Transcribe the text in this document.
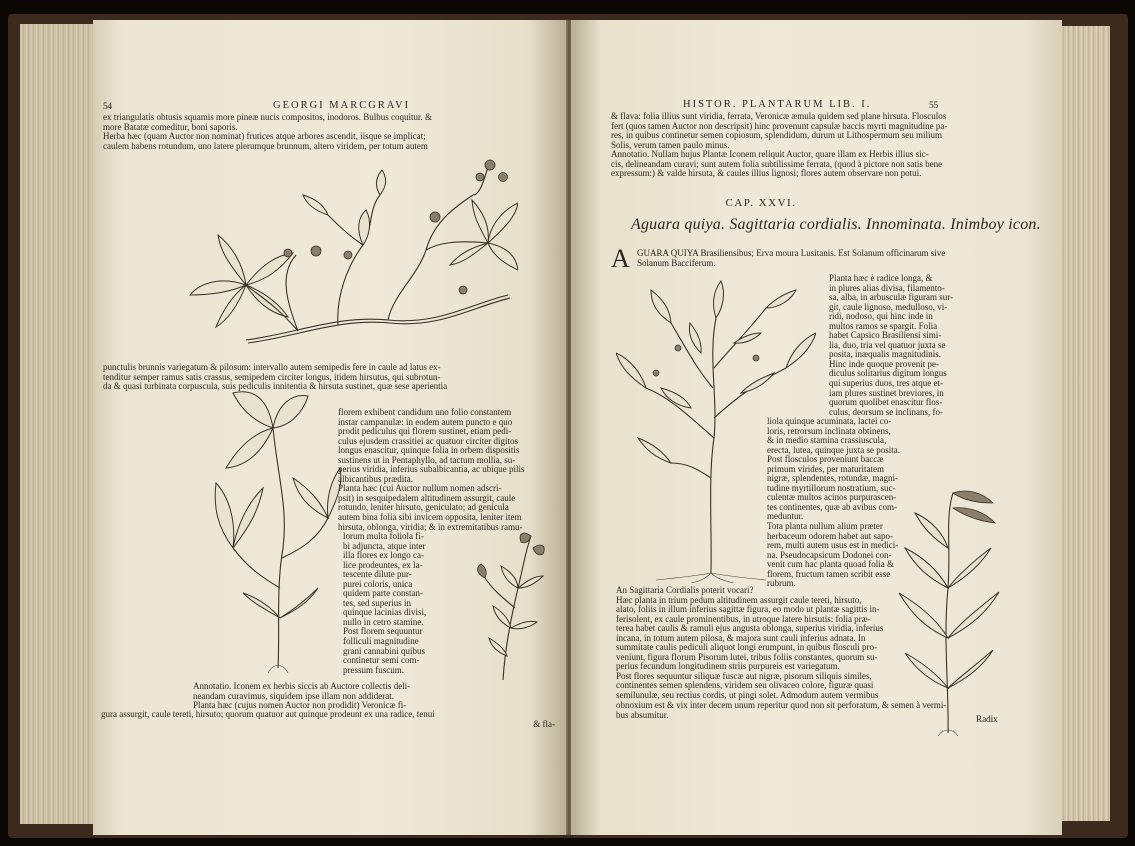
54	GEORGI MARCGRAVI

ex triangulatis obtusis squamis more pineæ nucis compositos, inodoros. Bulbus coquitur. &

more Batatæ comeditur, boni saporis.

Herba hæc (quam Auctor non nominat) frutices atque arbores ascendit, iisque se implicat;

caulem habens rotundum, uno latere plerumque brunnum, altero viridem, per totum autem

punctulis brunnis variegatum & pilosum: intervallo autem semipedis fere in caule ad latus ex-

tenditur semper ramus satis crassus, semipedem circiter longus, itidem hirsutus, qui subrotun-

da & quasi turbinata corpuscula, suis pediculis innitentia & hirsuta sustinet, quæ sese aperientia

florem exhibent candidum uno folio constantem

instar campanulæ: in eodem autem puncto e quo

prodit pediculus qui florem sustinet, etiam pedi-

culus ejusdem crassitiei ac quatuor circiter digitos

longus enascitur, quinque folia in orbem dispositis

sustinens ut in Pentaphyllo, ad tactum mollia, su-

perius viridia, inferius subalbicantia, ac ubique pilis

albicantibus prædita.

Planta hæc (cui Auctor nullum nomen adscri-

psit) in sesquipedalem altitudinem assurgit, caule

rotundo, leniter hirsuto, geniculato; ad genicula

autem bina folia sibi invicem opposita, leniter item

hirsuta, oblonga, viridia; & in extremitatibus ramu-

lorum multa foliola fi-

bi adjuncta, atque inter

illa flores ex longo ca-

lice prodeuntes, ex la-

tescente dilute pur-

purei coloris, unica

quidem parte constan-

tes, sed superius in

quinque lacinias divisi,

nullo in cetro stamine.

Post florem sequuntur

folliculi magnitudine

grani cannabini quibus

continetur semi com-

pressum fuscum.

Annotatio. Iconem ex herbis siccis ab Auctore collectis deli-

neandam curavimus, siquidem ipse illam non addiderat.

Planta hæc (cujus nomen Auctor non prodidit) Veronicæ fi-

gura assurgit, caule tereti, hirsuto; quorum quatuor aut quinque prodeunt ex una radice, tenui

& fla-

HISTOR. PLANTARUM LIB. I.	55

& flava: folia illius sunt viridia, ferrata, Veronicæ æmula quidem sed plane hirsuta. Flosculos

fert (quos tamen Auctor non descripsit) hinc provenunt capsulæ baccis myrti magnitudine pa-

res, in quibus continetur semen copiosum, splendidum, durum ut Lithospermum seu milium

Solis, verum tamen paulo minus.

Annotatio. Nullam hujus Plantæ Iconem reliquit Auctor, quare illam ex Herbis illius sic-

cis, delineandam curavi; sunt autem folia subtilissime ferrata, (quod à pictore non satis bene

expressum:) & valde hirsuta, & caules illius lignosi; flores autem observare non potui.

CAP. XXVI.
Aguara quiya. Sagittaria cordialis. Innominata. Inimboy icon.
A GUARA QUIYA Brasiliensibus; Erva moura Lusitanis. Est Solanum officinarum sive

Solanum Bacciferum.

Planta hæc è radice longa, &

in plures alias divisa, filamento-

sa, alba, in arbusculæ figuram sur-

git, caule lignoso, medulloso, vi-

ridi, nodoso, qui hinc inde in

multos ramos se spargit. Folia

habet Capsico Brasiliensi simi-

lia, duo, tria vel quatuor juxta se

posita, inæqualis magnitudinis.

Hinc inde quoque provenit pe-

diculus solitarius digitum longus

qui superius duos, tres atque et-

iam plures sustinet breviores, in

quorum quolibet enascitur flos-

culus, deorsum se inclinans, fo-

liola quinque acuminata, lactei co-

loris, retrorsum inclinata obtinens,

& in medio stamina crassiuscula,

erecta, lutea, quinque juxta se posita.

Post flosculos proveniunt baccæ

primum virides, per maturitatem

nigræ, splendentes, rotundæ, magni-

tudine myrtillorum nostratium, suc-

culentæ multos acinos purpurascen-

tes continentes, quæ ab avibus com-

meduntur.

Tota planta nullum alium præter

herbaceum odorem habet aut sapo-

rem, multi autem usus est in medici-

na. Pseudocapsicum Dodonei con-

venit cum hac planta quoad folia &

florem, fructum tamen scribit esse

rubrum.

An Sagittaria Cordialis poterit vocari?

Hæc planta in trium pedum altitudinem assurgit caule tereti, hirsuto,

alato, foliis in illum inferius sagittæ figura, eo modo ut plantæ sagittis in-

ferisolent, ex caule prominentibus, in utroque latere hirsutis: folia præ-

terea habet caulis & ramuli ejus angusta oblonga, superius viridia, inferius

incana, in totum autem pilosa, & majora sunt cauli inferius adnata. In

summitate caulis pediculi aliquot longi erumpunt, in quibus flosculi pro-

veniunt, figura florum Pisorum lutei, tribus foliis constantes, quorum su-

perius fecundum longitudinem striis purpureis est variegatum.

Post flores sequuntur siliquæ fuscæ aut nigræ, pisorum siliquis similes,

continentes semen splendens, viridem seu olivaceo colore, figuræ quasi

semilunulæ, seu rectius cordis, ut pingi solet. Admodum autem vermibus

obnoxium est & vix inter decem unum reperitur quod non sit perforatum, & semen à vermi-

bus absumitur.

Radix
